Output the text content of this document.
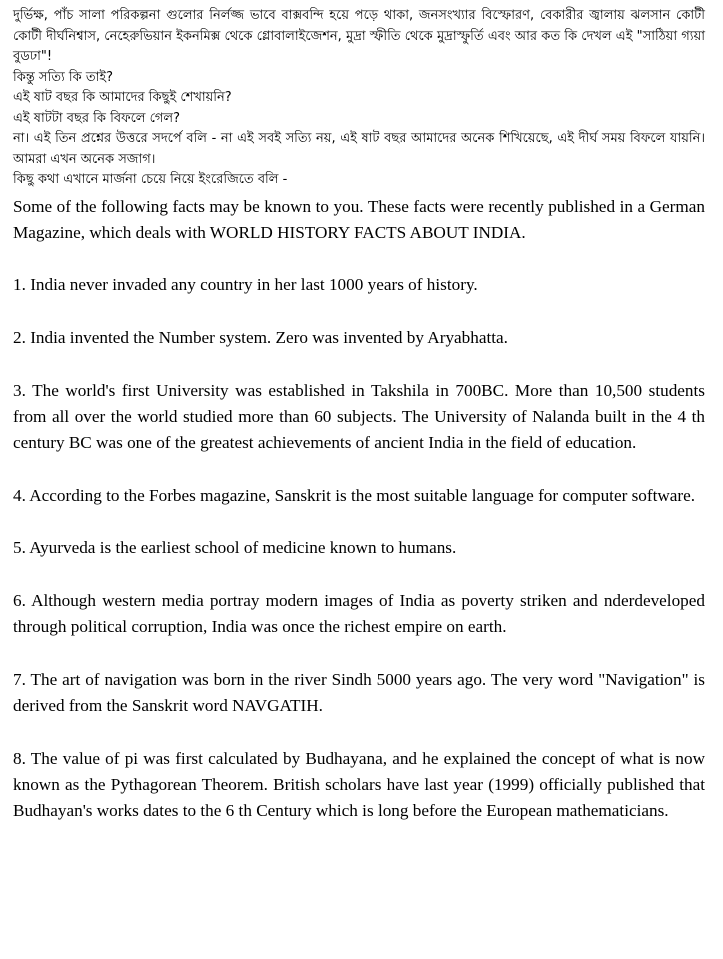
দুর্ভিক্ষ, পাঁচ সালা পরিকল্পনা গুলোর নির্লজ্জ ভাবে বাক্সবন্দি হয়ে পড়ে থাকা, জনসংখ্যার বিস্ফোরণ, বেকারীর জ্বালায় ঝলসান কোটী কোটী দীর্ঘনিশ্বাস, নেহেরুভিয়ান ইকনমিক্স থেকে গ্লোবালাইজেশন, মুদ্রা স্ফীতি থেকে মুদ্রাস্ফুর্তি এবং আর কত কি দেখল এই "সাঠিয়া গ্যয়া বুডঢা"!

কিন্তু সত্যি কি তাই?

এই ষাট বছর কি আমাদের কিছুই শেখায়নি?

এই ষাটটা বছর কি বিফলে গেল?

না। এই তিন প্রশ্নের উত্তরে সদর্পে বলি - না এই সবই সত্যি নয়, এই ষাট বছর আমাদের অনেক শিখিয়েছে, এই দীর্ঘ সময় বিফলে যায়নি। আমরা এখন অনেক সজাগ।

কিছু কথা এখানে মার্জনা চেয়ে নিয়ে ইংরেজিতে বলি -

Some of the following facts may be known to you. These facts were recently published in a German Magazine, which deals with WORLD HISTORY FACTS ABOUT INDIA.

1. India never invaded any country in her last 1000 years of history.

2. India invented the Number system. Zero was invented by Aryabhatta.

3. The world's first University was established in Takshila in 700BC. More than 10,500 students from all over the world studied more than 60 subjects. The University of Nalanda built in the 4 th century BC was one of the greatest achievements of ancient India in the field of education.

4. According to the Forbes magazine, Sanskrit is the most suitable language for computer software.

5. Ayurveda is the earliest school of medicine known to humans.

6. Although western media portray modern images of India as poverty striken and nderdeveloped through political corruption, India was once the richest empire on earth.

7. The art of navigation was born in the river Sindh 5000 years ago. The very word "Navigation" is derived from the Sanskrit word NAVGATIH.

8. The value of pi was first calculated by Budhayana, and he explained the concept of what is now known as the Pythagorean Theorem. British scholars have last year (1999) officially published that Budhayan's works dates to the 6 th Century which is long before the European mathematicians.
